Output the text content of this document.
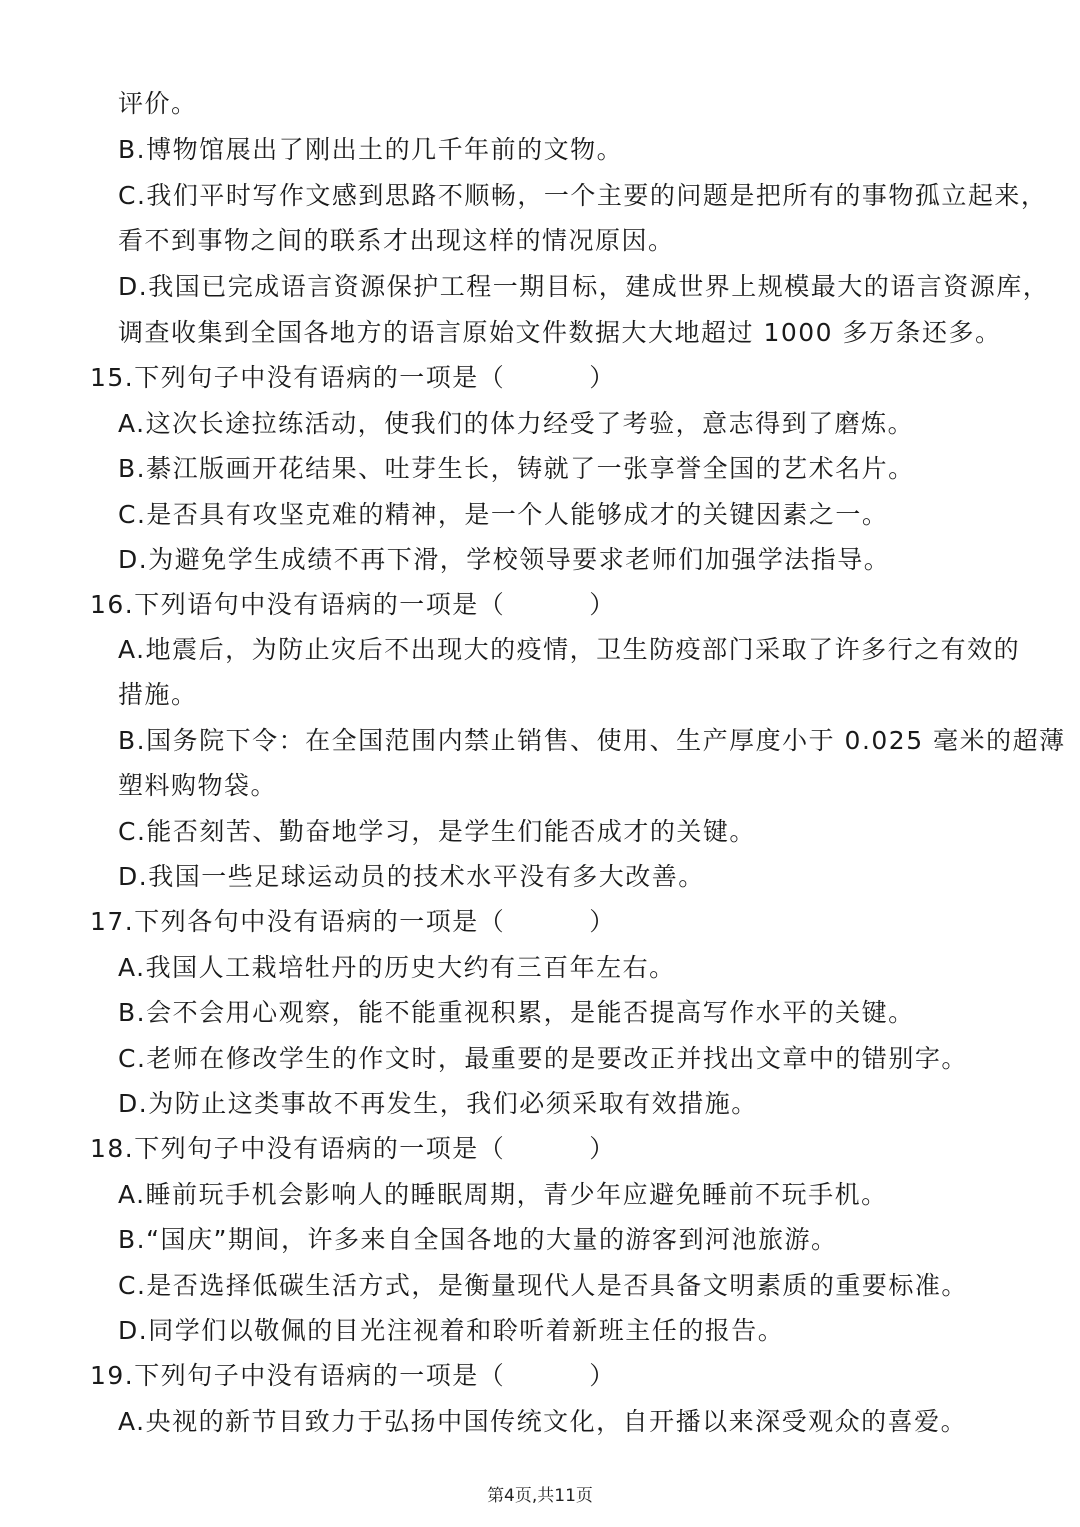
评价。
B.博物馆展出了刚出土的几千年前的文物。
C.我们平时写作文感到思路不顺畅，一个主要的问题是把所有的事物孤立起来，
看不到事物之间的联系才出现这样的情况原因。
D.我国已完成语言资源保护工程一期目标，建成世界上规模最大的语言资源库，
调查收集到全国各地方的语言原始文件数据大大地超过 1000 多万条还多。
15.下列句子中没有语病的一项是（	）
A.这次长途拉练活动，使我们的体力经受了考验，意志得到了磨炼。
B.綦江版画开花结果、吐芽生长，铸就了一张享誉全国的艺术名片。
C.是否具有攻坚克难的精神，是一个人能够成才的关键因素之一。
D.为避免学生成绩不再下滑，学校领导要求老师们加强学法指导。
16.下列语句中没有语病的一项是（	）
A.地震后，为防止灾后不出现大的疫情，卫生防疫部门采取了许多行之有效的
措施。
B.国务院下令：在全国范围内禁止销售、使用、生产厚度小于 0.025 毫米的超薄
塑料购物袋。
C.能否刻苦、勤奋地学习，是学生们能否成才的关键。
D.我国一些足球运动员的技术水平没有多大改善。
17.下列各句中没有语病的一项是（	）
A.我国人工栽培牡丹的历史大约有三百年左右。
B.会不会用心观察，能不能重视积累，是能否提高写作水平的关键。
C.老师在修改学生的作文时，最重要的是要改正并找出文章中的错别字。
D.为防止这类事故不再发生，我们必须采取有效措施。
18.下列句子中没有语病的一项是（	）
A.睡前玩手机会影响人的睡眠周期，青少年应避免睡前不玩手机。
B.“国庆”期间，许多来自全国各地的大量的游客到河池旅游。
C.是否选择低碳生活方式，是衡量现代人是否具备文明素质的重要标准。
D.同学们以敬佩的目光注视着和聆听着新班主任的报告。
19.下列句子中没有语病的一项是（	）
A.央视的新节目致力于弘扬中国传统文化，自开播以来深受观众的喜爱。
第4页,共11页
